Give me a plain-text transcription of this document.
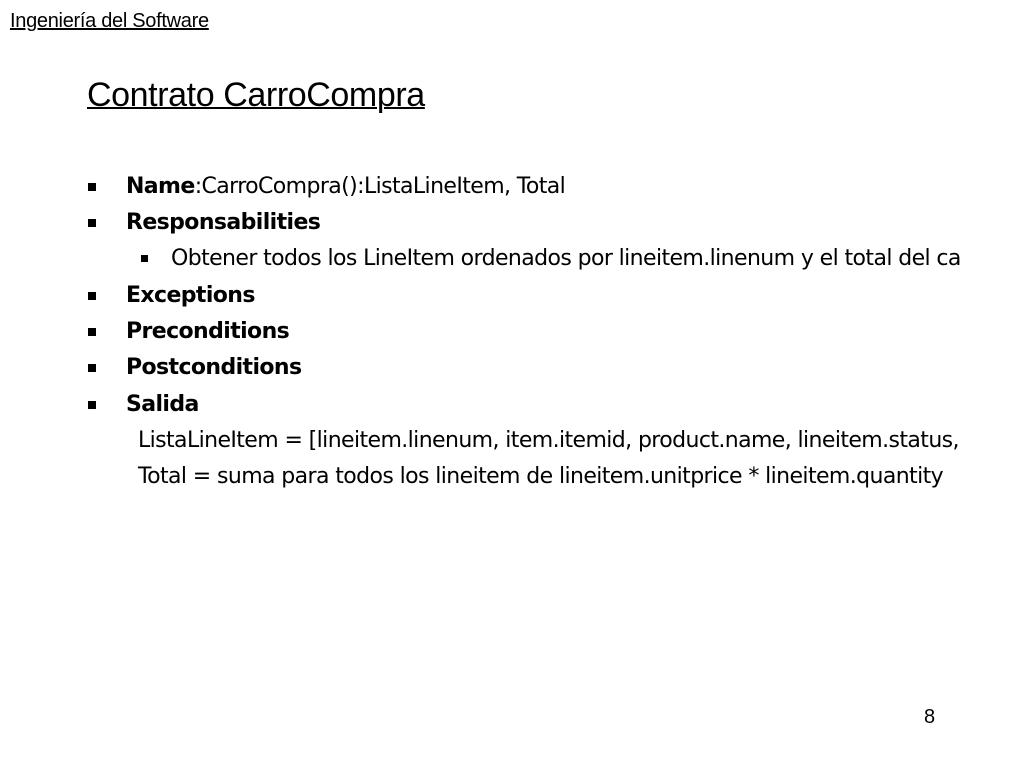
Ingeniería del Software
Contrato CarroCompra
Name:CarroCompra():ListaLineItem, Total
Responsabilities
Obtener todos los LineItem ordenados por lineitem.linenum y el total del ca
Exceptions
Preconditions
Postconditions
Salida
ListaLineItem = [lineitem.linenum, item.itemid, product.name, lineitem.status,
Total = suma para todos los lineitem de lineitem.unitprice * lineitem.quantity
8
